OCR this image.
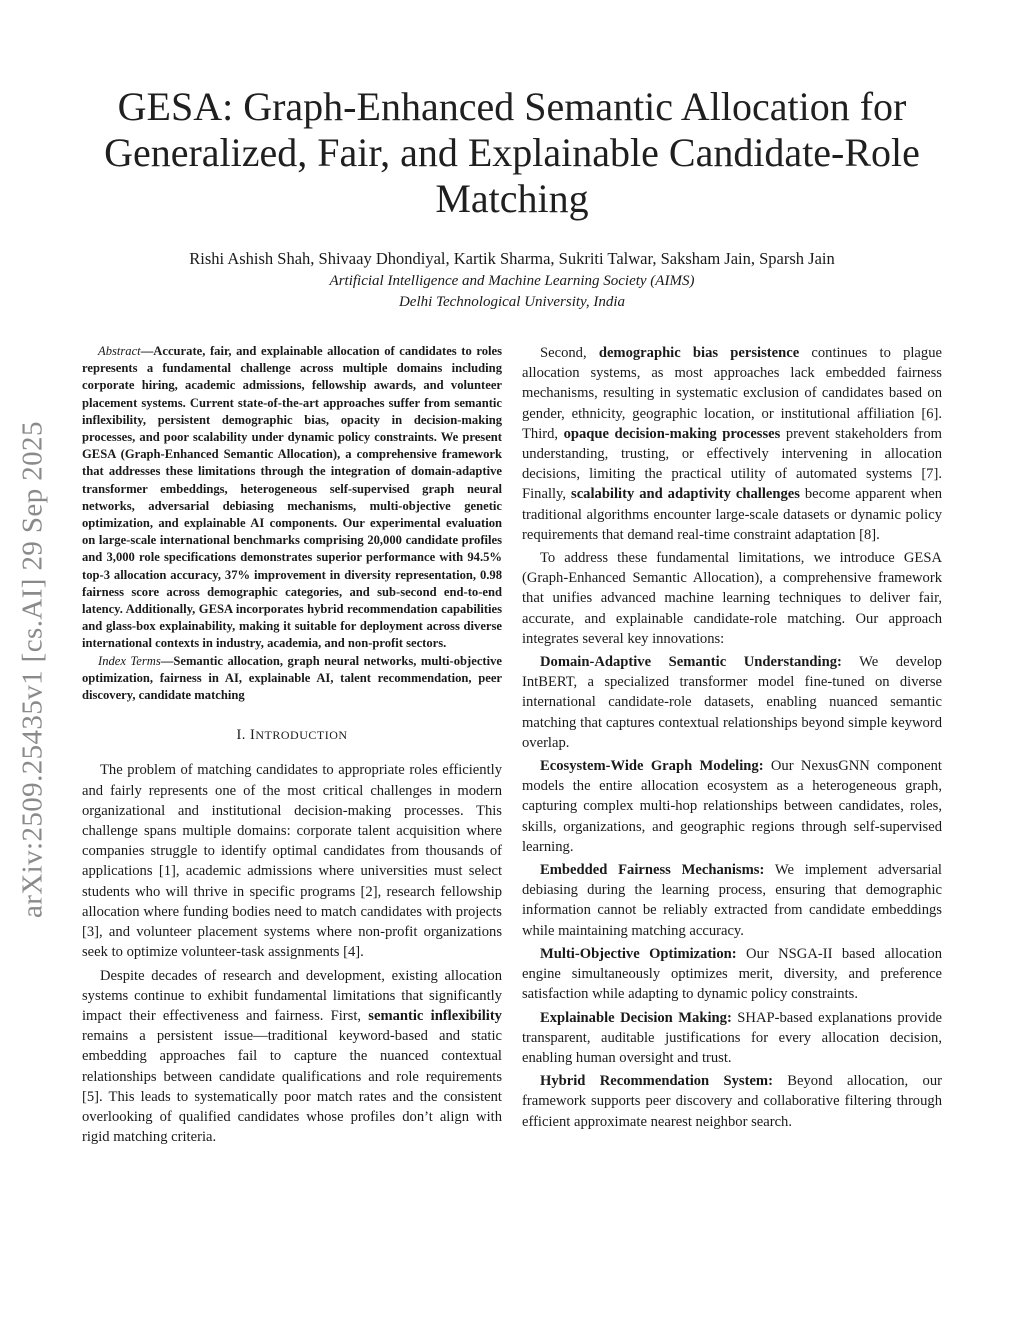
arXiv:2509.25435v1 [cs.AI] 29 Sep 2025
GESA: Graph-Enhanced Semantic Allocation for Generalized, Fair, and Explainable Candidate-Role Matching
Rishi Ashish Shah, Shivaay Dhondiyal, Kartik Sharma, Sukriti Talwar, Saksham Jain, Sparsh Jain
Artificial Intelligence and Machine Learning Society (AIMS)
Delhi Technological University, India

Abstract—Accurate, fair, and explainable allocation of candidates to roles represents a fundamental challenge across multiple domains including corporate hiring, academic admissions, fellowship awards, and volunteer placement systems. Current state-of-the-art approaches suffer from semantic inflexibility, persistent demographic bias, opacity in decision-making processes, and poor scalability under dynamic policy constraints. We present GESA (Graph-Enhanced Semantic Allocation), a comprehensive framework that addresses these limitations through the integration of domain-adaptive transformer embeddings, heterogeneous self-supervised graph neural networks, adversarial debiasing mechanisms, multi-objective genetic optimization, and explainable AI components. Our experimental evaluation on large-scale international benchmarks comprising 20,000 candidate profiles and 3,000 role specifications demonstrates superior performance with 94.5% top-3 allocation accuracy, 37% improvement in diversity representation, 0.98 fairness score across demographic categories, and sub-second end-to-end latency. Additionally, GESA incorporates hybrid recommendation capabilities and glass-box explainability, making it suitable for deployment across diverse international contexts in industry, academia, and non-profit sectors.

Index Terms—Semantic allocation, graph neural networks, multi-objective optimization, fairness in AI, explainable AI, talent recommendation, peer discovery, candidate matching

I. INTRODUCTION

The problem of matching candidates to appropriate roles efficiently and fairly represents one of the most critical challenges in modern organizational and institutional decision-making processes. This challenge spans multiple domains: corporate talent acquisition where companies struggle to identify optimal candidates from thousands of applications [1], academic admissions where universities must select students who will thrive in specific programs [2], research fellowship allocation where funding bodies need to match candidates with projects [3], and volunteer placement systems where non-profit organizations seek to optimize volunteer-task assignments [4].

Despite decades of research and development, existing allocation systems continue to exhibit fundamental limitations that significantly impact their effectiveness and fairness. First, semantic inflexibility remains a persistent issue—traditional keyword-based and static embedding approaches fail to capture the nuanced contextual relationships between candidate qualifications and role requirements [5]. This leads to systematically poor match rates and the consistent overlooking of qualified candidates whose profiles don’t align with rigid matching criteria.

Second, demographic bias persistence continues to plague allocation systems, as most approaches lack embedded fairness mechanisms, resulting in systematic exclusion of candidates based on gender, ethnicity, geographic location, or institutional affiliation [6]. Third, opaque decision-making processes prevent stakeholders from understanding, trusting, or effectively intervening in allocation decisions, limiting the practical utility of automated systems [7]. Finally, scalability and adaptivity challenges become apparent when traditional algorithms encounter large-scale datasets or dynamic policy requirements that demand real-time constraint adaptation [8].

To address these fundamental limitations, we introduce GESA (Graph-Enhanced Semantic Allocation), a comprehensive framework that unifies advanced machine learning techniques to deliver fair, accurate, and explainable candidate-role matching. Our approach integrates several key innovations:

Domain-Adaptive Semantic Understanding: We develop IntBERT, a specialized transformer model fine-tuned on diverse international candidate-role datasets, enabling nuanced semantic matching that captures contextual relationships beyond simple keyword overlap.

Ecosystem-Wide Graph Modeling: Our NexusGNN component models the entire allocation ecosystem as a heterogeneous graph, capturing complex multi-hop relationships between candidates, roles, skills, organizations, and geographic regions through self-supervised learning.

Embedded Fairness Mechanisms: We implement adversarial debiasing during the learning process, ensuring that demographic information cannot be reliably extracted from candidate embeddings while maintaining matching accuracy.

Multi-Objective Optimization: Our NSGA-II based allocation engine simultaneously optimizes merit, diversity, and preference satisfaction while adapting to dynamic policy constraints.

Explainable Decision Making: SHAP-based explanations provide transparent, auditable justifications for every allocation decision, enabling human oversight and trust.

Hybrid Recommendation System: Beyond allocation, our framework supports peer discovery and collaborative filtering through efficient approximate nearest neighbor search.
